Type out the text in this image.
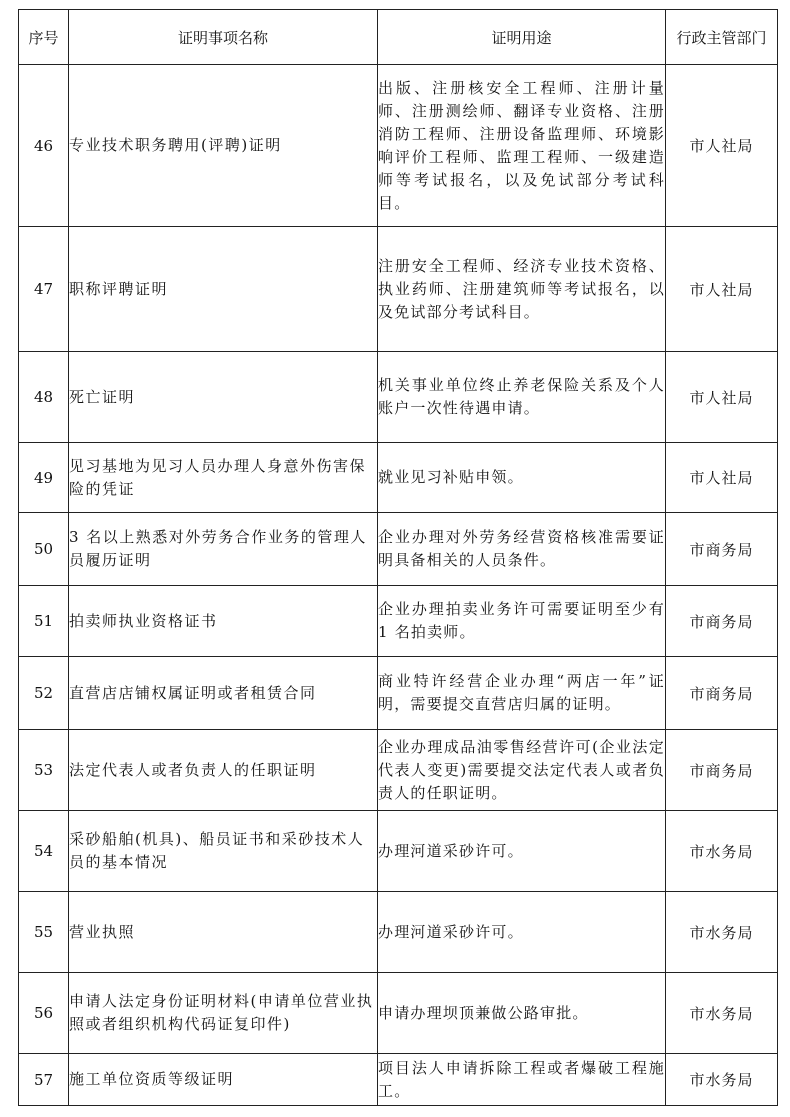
序号	证明事项名称	证明用途	行政主管部门
46	专业技术职务聘用(评聘)证明	出版、注册核安全工程师、注册计量师、注册测绘师、翻译专业资格、注册消防工程师、注册设备监理师、环境影响评价工程师、监理工程师、一级建造师等考试报名，以及免试部分考试科目。	市人社局
47	职称评聘证明	注册安全工程师、经济专业技术资格、执业药师、注册建筑师等考试报名，以及免试部分考试科目。	市人社局
48	死亡证明	机关事业单位终止养老保险关系及个人账户一次性待遇申请。	市人社局
49	见习基地为见习人员办理人身意外伤害保险的凭证	就业见习补贴申领。	市人社局
50	3 名以上熟悉对外劳务合作业务的管理人员履历证明	企业办理对外劳务经营资格核准需要证明具备相关的人员条件。	市商务局
51	拍卖师执业资格证书	企业办理拍卖业务许可需要证明至少有 1 名拍卖师。	市商务局
52	直营店店铺权属证明或者租赁合同	商业特许经营企业办理“两店一年”证明，需要提交直营店归属的证明。	市商务局
53	法定代表人或者负责人的任职证明	企业办理成品油零售经营许可(企业法定代表人变更)需要提交法定代表人或者负责人的任职证明。	市商务局
54	采砂船舶(机具)、船员证书和采砂技术人员的基本情况	办理河道采砂许可。	市水务局
55	营业执照	办理河道采砂许可。	市水务局
56	申请人法定身份证明材料(申请单位营业执照或者组织机构代码证复印件)	申请办理坝顶兼做公路审批。	市水务局
57	施工单位资质等级证明	项目法人申请拆除工程或者爆破工程施工。	市水务局
